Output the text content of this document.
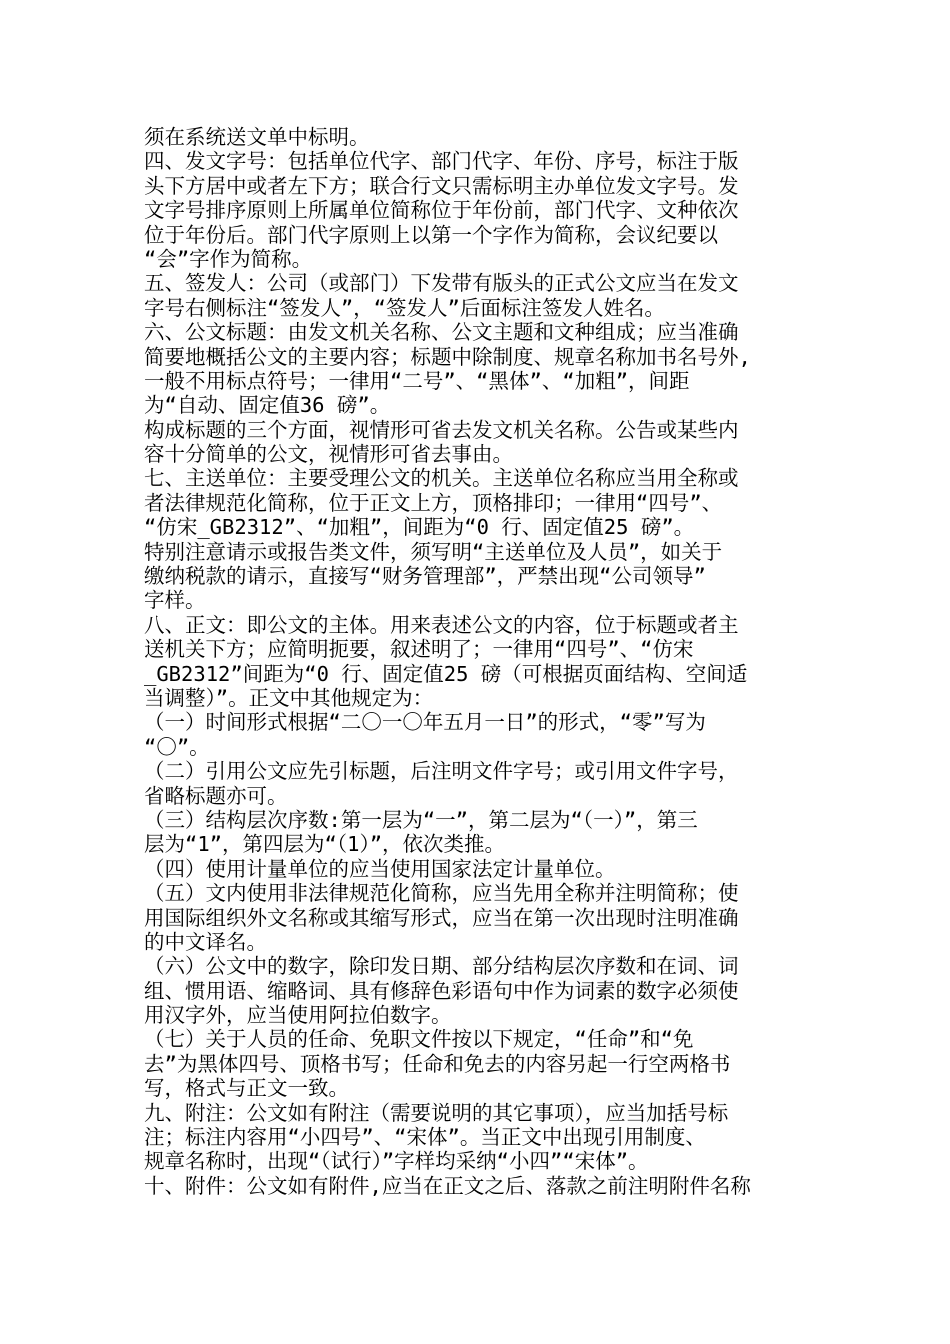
须在系统送文单中标明。
四、发文字号：包括单位代字、部门代字、年份、序号，标注于版
头下方居中或者左下方；联合行文只需标明主办单位发文字号。发
文字号排序原则上所属单位简称位于年份前，部门代字、文种依次
位于年份后。部门代字原则上以第一个字作为简称，会议纪要以
“会”字作为简称。
五、签发人：公司（或部门）下发带有版头的正式公文应当在发文
字号右侧标注“签发人”，“签发人”后面标注签发人姓名。
六、公文标题：由发文机关名称、公文主题和文种组成；应当准确
简要地概括公文的主要内容；标题中除制度、规章名称加书名号外,
一般不用标点符号；一律用“二号”、“黑体”、“加粗”，间距
为“自动、固定值36 磅”。
构成标题的三个方面，视情形可省去发文机关名称。公告或某些内
容十分简单的公文，视情形可省去事由。
七、主送单位：主要受理公文的机关。主送单位名称应当用全称或
者法律规范化简称，位于正文上方，顶格排印；一律用“四号”、
“仿宋_GB2312”、“加粗”，间距为“0 行、固定值25 磅”。
特别注意请示或报告类文件，须写明“主送单位及人员”，如关于
缴纳税款的请示，直接写“财务管理部”，严禁出现“公司领导”
字样。
八、正文：即公文的主体。用来表述公文的内容，位于标题或者主
送机关下方；应简明扼要，叙述明了；一律用“四号”、“仿宋
_GB2312”间距为“0 行、固定值25 磅（可根据页面结构、空间适
当调整）”。正文中其他规定为：
（一）时间形式根据“二〇一〇年五月一日”的形式，“零”写为
“〇”。
（二）引用公文应先引标题，后注明文件字号；或引用文件字号，
省略标题亦可。
（三）结构层次序数:第一层为“一”，第二层为“（一）”，第三
层为“1”，第四层为“（1）”，依次类推。
（四）使用计量单位的应当使用国家法定计量单位。
（五）文内使用非法律规范化简称，应当先用全称并注明简称；使
用国际组织外文名称或其缩写形式，应当在第一次出现时注明准确
的中文译名。
（六）公文中的数字，除印发日期、部分结构层次序数和在词、词
组、惯用语、缩略词、具有修辞色彩语句中作为词素的数字必须使
用汉字外，应当使用阿拉伯数字。
（七）关于人员的任命、免职文件按以下规定，“任命”和“免
去”为黑体四号、顶格书写；任命和免去的内容另起一行空两格书
写，格式与正文一致。
九、附注：公文如有附注（需要说明的其它事项），应当加括号标
注；标注内容用“小四号”、“宋体”。当正文中出现引用制度、
规章名称时，出现“（试行）”字样均采纳“小四”“宋体”。
十、附件：公文如有附件,应当在正文之后、落款之前注明附件名称
